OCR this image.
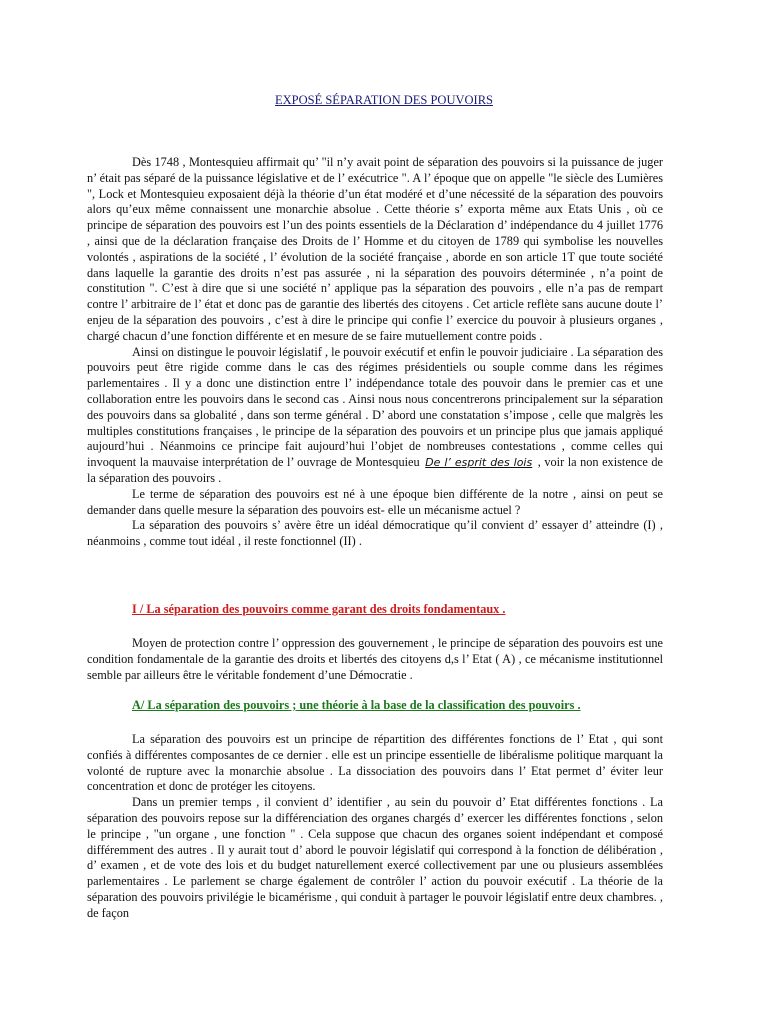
EXPOSÉ SÉPARATION DES POUVOIRS

Dès 1748 , Montesquieu affirmait qu’ "il n’y avait point de séparation des pouvoirs si la puissance de juger n’ était pas séparé de la puissance législative et de l’ exécutrice ". A l’ époque que on appelle "le siècle des Lumières ", Lock et Montesquieu exposaient déjà la théorie d’un état modéré et d’une nécessité de la séparation des pouvoirs alors qu’eux même connaissent une monarchie absolue . Cette théorie s’ exporta même aux Etats Unis , où ce principe de séparation des pouvoirs est l’un des points essentiels de la Déclaration d’ indépendance du 4 juillet 1776 , ainsi que de la déclaration française des Droits de l’ Homme et du citoyen de 1789 qui symbolise les nouvelles volontés , aspirations de la société , l’ évolution de la société française , aborde en son article 1T que toute société dans laquelle la garantie des droits n’est pas assurée , ni la séparation des pouvoirs déterminée , n’a point de constitution ". C’est à dire que si une société n’ applique pas la séparation des pouvoirs , elle n’a pas de rempart contre l’ arbitraire de l’ état et donc pas de garantie des libertés des citoyens . Cet article reflète sans aucune doute l’ enjeu de la séparation des pouvoirs , c’est à dire le principe qui confie l’ exercice du pouvoir à plusieurs organes , chargé chacun d’une fonction différente et en mesure de se faire mutuellement contre poids .

Ainsi on distingue le pouvoir législatif , le pouvoir exécutif et enfin le pouvoir judiciaire . La séparation des pouvoirs peut être rigide comme dans le cas des régimes présidentiels ou souple comme dans les régimes parlementaires . Il y a donc une distinction entre l’ indépendance totale des pouvoir dans le premier cas et une collaboration entre les pouvoirs dans le second cas . Ainsi nous nous concentrerons principalement sur la séparation des pouvoirs dans sa globalité , dans son terme général . D’ abord une constatation s’impose , celle que malgrès les multiples constitutions françaises , le principe de la séparation des pouvoirs et un principe plus que jamais appliqué aujourd’hui . Néanmoins ce principe fait aujourd’hui l’objet de nombreuses contestations , comme celles qui invoquent la mauvaise interprétation de l’ ouvrage de Montesquieu De l’ esprit des lois , voir la non existence de la séparation des pouvoirs .

Le terme de séparation des pouvoirs est né à une époque bien différente de la notre , ainsi on peut se demander dans quelle mesure la séparation des pouvoirs est- elle un mécanisme actuel ?

La séparation des pouvoirs s’ avère être un idéal démocratique qu’il convient d’ essayer d’ atteindre (I) , néanmoins , comme tout idéal , il reste fonctionnel (II) .

I / La séparation des pouvoirs comme garant des droits fondamentaux .

Moyen de protection contre l’ oppression des gouvernement , le principe de séparation des pouvoirs est une condition fondamentale de la garantie des droits et libertés des citoyens d,s l’ Etat ( A) , ce mécanisme institutionnel semble par ailleurs être le véritable fondement d’une Démocratie .

A/ La séparation des pouvoirs ; une théorie à la base de la classification des pouvoirs .

La séparation des pouvoirs est un principe de répartition des différentes fonctions de l’ Etat , qui sont confiés à différentes composantes de ce dernier . elle est un principe essentielle de libéralisme politique marquant la volonté de rupture avec la monarchie absolue . La dissociation des pouvoirs dans l’ Etat permet d’ éviter leur concentration et donc de protéger les citoyens.

Dans un premier temps , il convient d’ identifier , au sein du pouvoir d’ Etat différentes fonctions . La séparation des pouvoirs repose sur la différenciation des organes chargés d’ exercer les différentes fonctions , selon le principe , "un organe , une fonction " . Cela suppose que chacun des organes soient indépendant et composé différemment des autres . Il y aurait tout d’ abord le pouvoir législatif qui correspond à la fonction de délibération , d’ examen , et de vote des lois et du budget naturellement exercé collectivement par une ou plusieurs assemblées parlementaires . Le parlement se charge également de contrôler l’ action du pouvoir exécutif . La théorie de la séparation des pouvoirs privilégie le bicamérisme , qui conduit à partager le pouvoir législatif entre deux chambres. , de façon
